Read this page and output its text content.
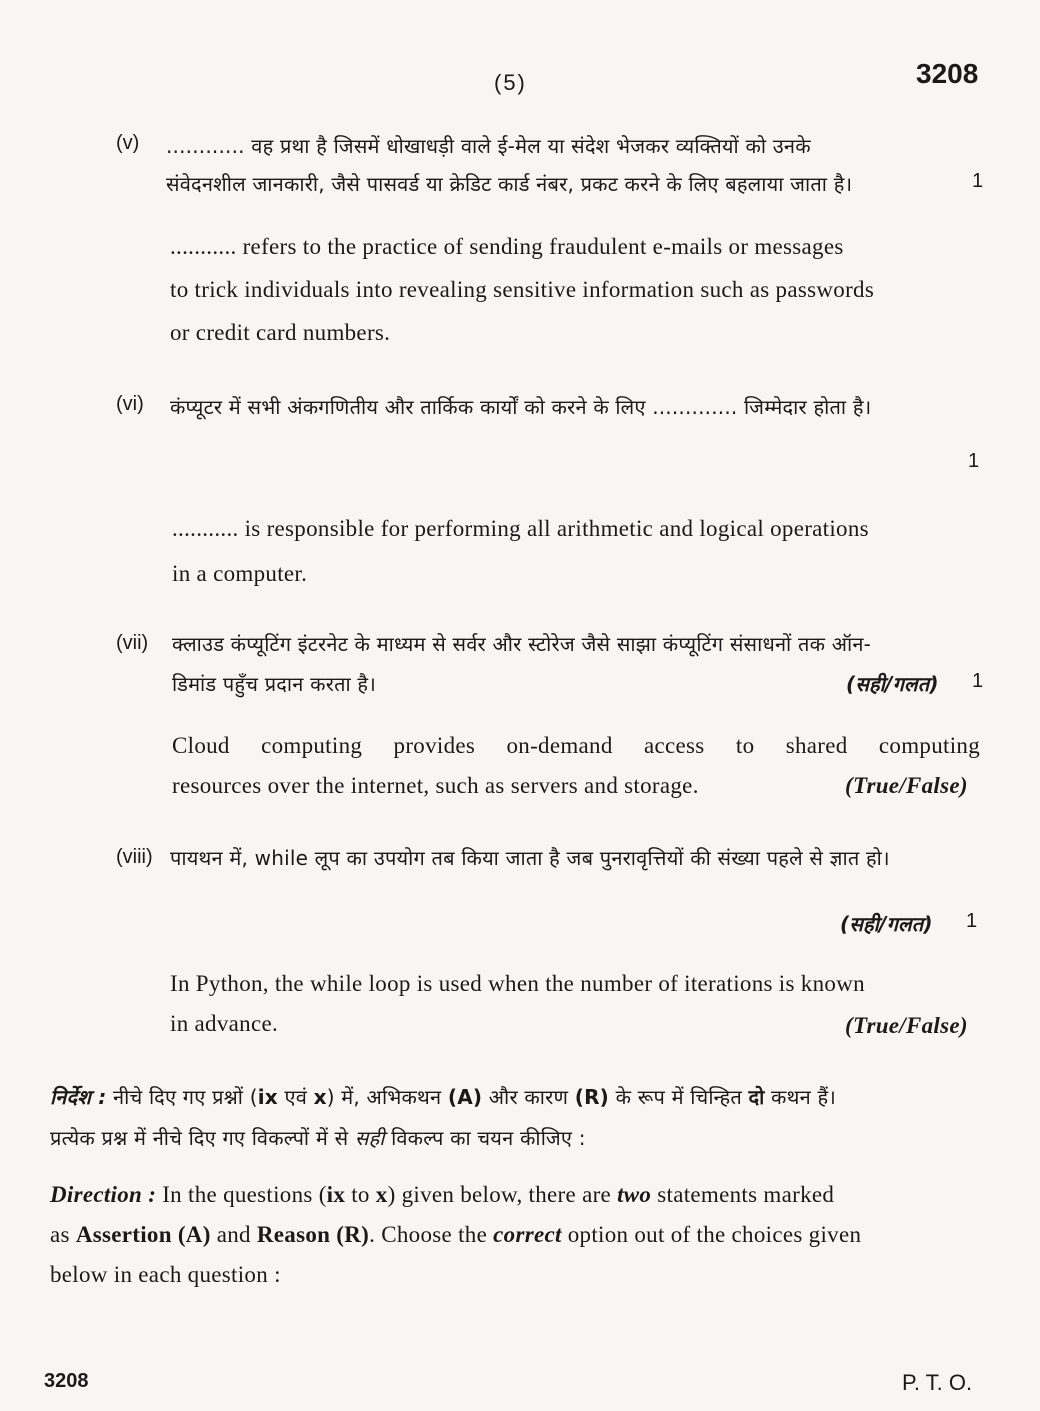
(5)	3208
(v) ............ वह प्रथा है जिसमें धोखाधड़ी वाले ई-मेल या संदेश भेजकर व्यक्तियों को उनके
संवेदनशील जानकारी, जैसे पासवर्ड या क्रेडिट कार्ड नंबर, प्रकट करने के लिए बहलाया जाता है।	1
........... refers to the practice of sending fraudulent e-mails or messages
to trick individuals into revealing sensitive information such as passwords
or credit card numbers.
(vi) कंप्यूटर में सभी अंकगणितीय और तार्किक कार्यों को करने के लिए ............. जिम्मेदार होता है।
1
........... is responsible for performing all arithmetic and logical operations
in a computer.
(vii) क्लाउड कंप्यूटिंग इंटरनेट के माध्यम से सर्वर और स्टोरेज जैसे साझा कंप्यूटिंग संसाधनों तक ऑन-
डिमांड पहुँच प्रदान करता है।	(सही/गलत) 1
Cloud computing provides on-demand access to shared computing
resources over the internet, such as servers and storage.	(True/False)
(viii) पायथन में, while लूप का उपयोग तब किया जाता है जब पुनरावृत्तियों की संख्या पहले से ज्ञात हो।
(सही/गलत) 1
In Python, the while loop is used when the number of iterations is known
in advance.	(True/False)
निर्देश : नीचे दिए गए प्रश्नों (ix एवं x) में, अभिकथन (A) और कारण (R) के रूप में चिन्हित दो कथन हैं।
प्रत्येक प्रश्न में नीचे दिए गए विकल्पों में से सही विकल्प का चयन कीजिए :
Direction : In the questions (ix to x) given below, there are two statements marked
as Assertion (A) and Reason (R). Choose the correct option out of the choices given
below in each question :
3208	P. T. O.
